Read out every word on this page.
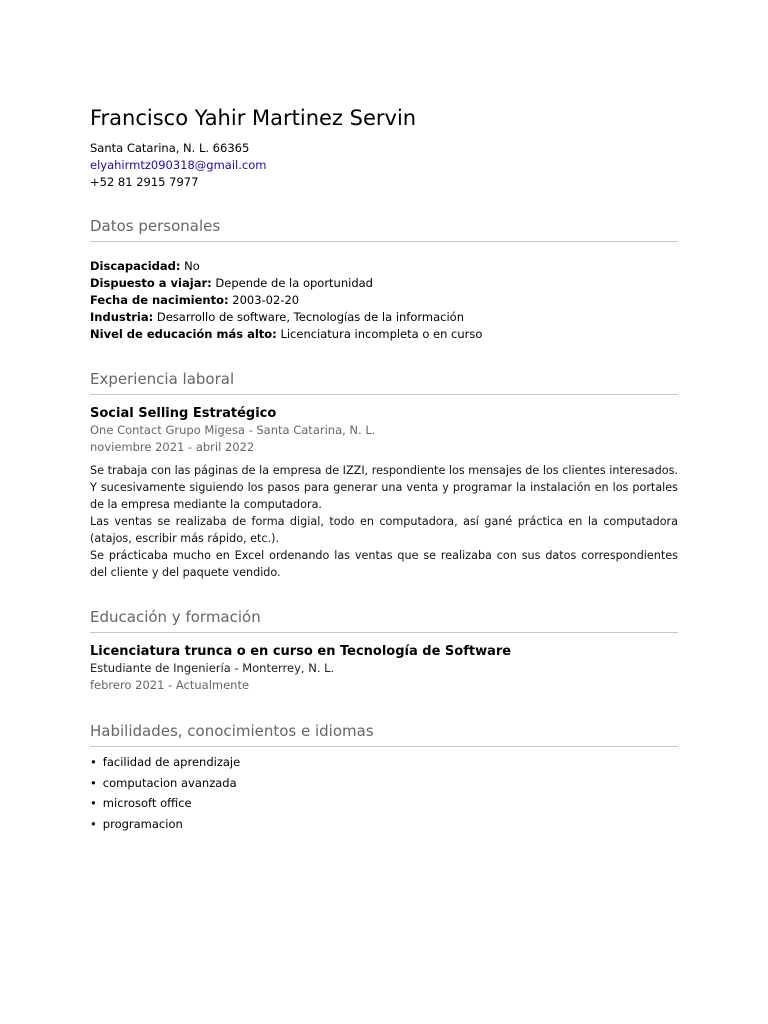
Francisco Yahir Martinez Servin
Santa Catarina, N. L. 66365
elyahirmtz090318@gmail.com
+52 81 2915 7977
Datos personales
Discapacidad: No
Dispuesto a viajar: Depende de la oportunidad
Fecha de nacimiento: 2003-02-20
Industria: Desarrollo de software, Tecnologías de la información
Nivel de educación más alto: Licenciatura incompleta o en curso
Experiencia laboral
Social Selling Estratégico
One Contact Grupo Migesa - Santa Catarina, N. L.
noviembre 2021 - abril 2022

Se trabaja con las páginas de la empresa de IZZI, respondiente los mensajes de los clientes interesados. Y sucesivamente siguiendo los pasos para generar una venta y programar la instalación en los portales de la empresa mediante la computadora.

Las ventas se realizaba de forma digial, todo en computadora, así gané práctica en la computadora (atajos, escribir más rápido, etc.).

Se prácticaba mucho en Excel ordenando las ventas que se realizaba con sus datos correspondientes del cliente y del paquete vendido.

Educación y formación
Licenciatura trunca o en curso en Tecnología de Software
Estudiante de Ingeniería - Monterrey, N. L.
febrero 2021 - Actualmente
Habilidades, conocimientos e idiomas
• facilidad de aprendizaje
• computacion avanzada
• microsoft office
• programacion
